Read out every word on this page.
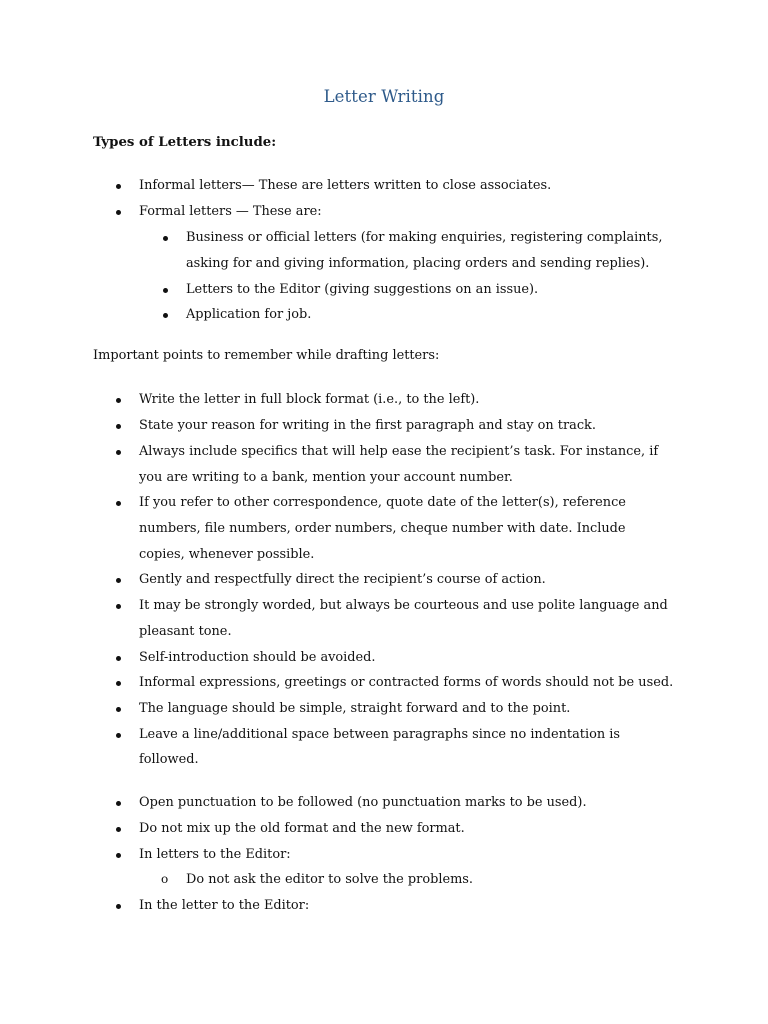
Letter Writing
Types of Letters include:
Informal letters— These are letters written to close associates.
Formal letters — These are:
Business or official letters (for making enquiries, registering complaints,
asking for and giving information, placing orders and sending replies).
Letters to the Editor (giving suggestions on an issue).
Application for job.
Important points to remember while drafting letters:
Write the letter in full block format (i.e., to the left).
State your reason for writing in the first paragraph and stay on track.
Always include specifics that will help ease the recipient’s task. For instance, if
you are writing to a bank, mention your account number.
If you refer to other correspondence, quote date of the letter(s), reference
numbers, file numbers, order numbers, cheque number with date. Include
copies, whenever possible.
Gently and respectfully direct the recipient’s course of action.
It may be strongly worded, but always be courteous and use polite language and
pleasant tone.
Self-introduction should be avoided.
Informal expressions, greetings or contracted forms of words should not be used.
The language should be simple, straight forward and to the point.
Leave a line/additional space between paragraphs since no indentation is
followed.
Open punctuation to be followed (no punctuation marks to be used).
Do not mix up the old format and the new format.
In letters to the Editor:
o Do not ask the editor to solve the problems.
In the letter to the Editor:
